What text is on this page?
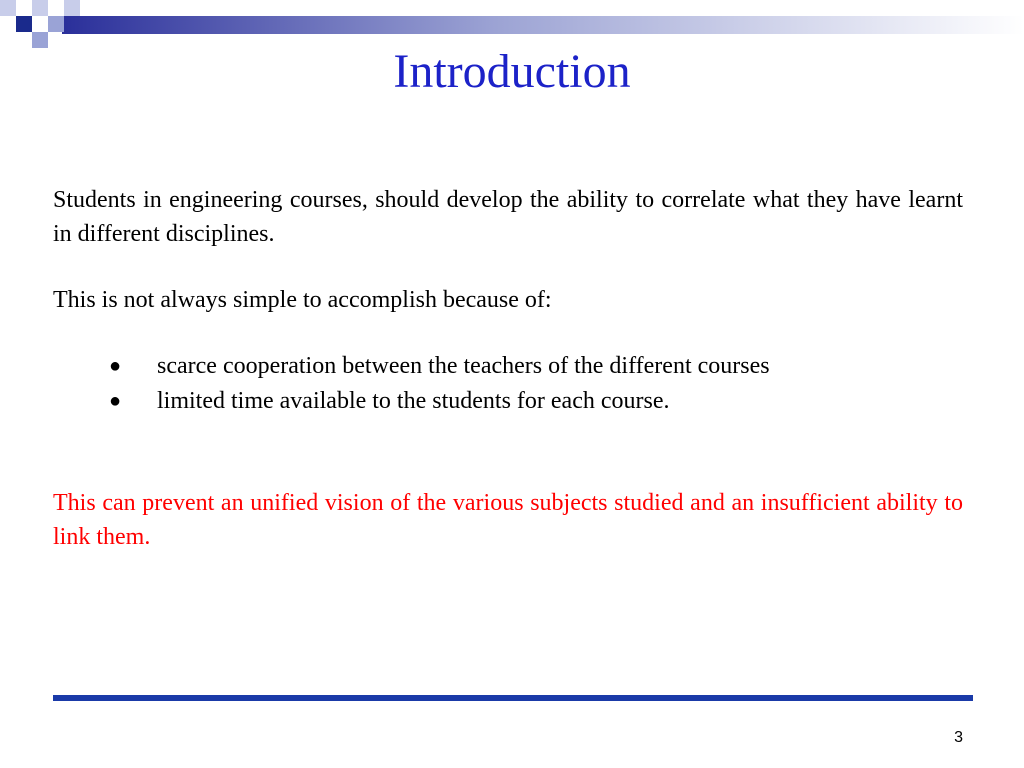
Introduction

Students in engineering courses, should develop the ability to correlate what they have learnt in different disciplines.

This is not always simple to accomplish because of:

● scarce cooperation between the teachers of the different courses
● limited time available to the students for each course.

This can prevent an unified vision of the various subjects studied and an insufficient ability to link them.

3
